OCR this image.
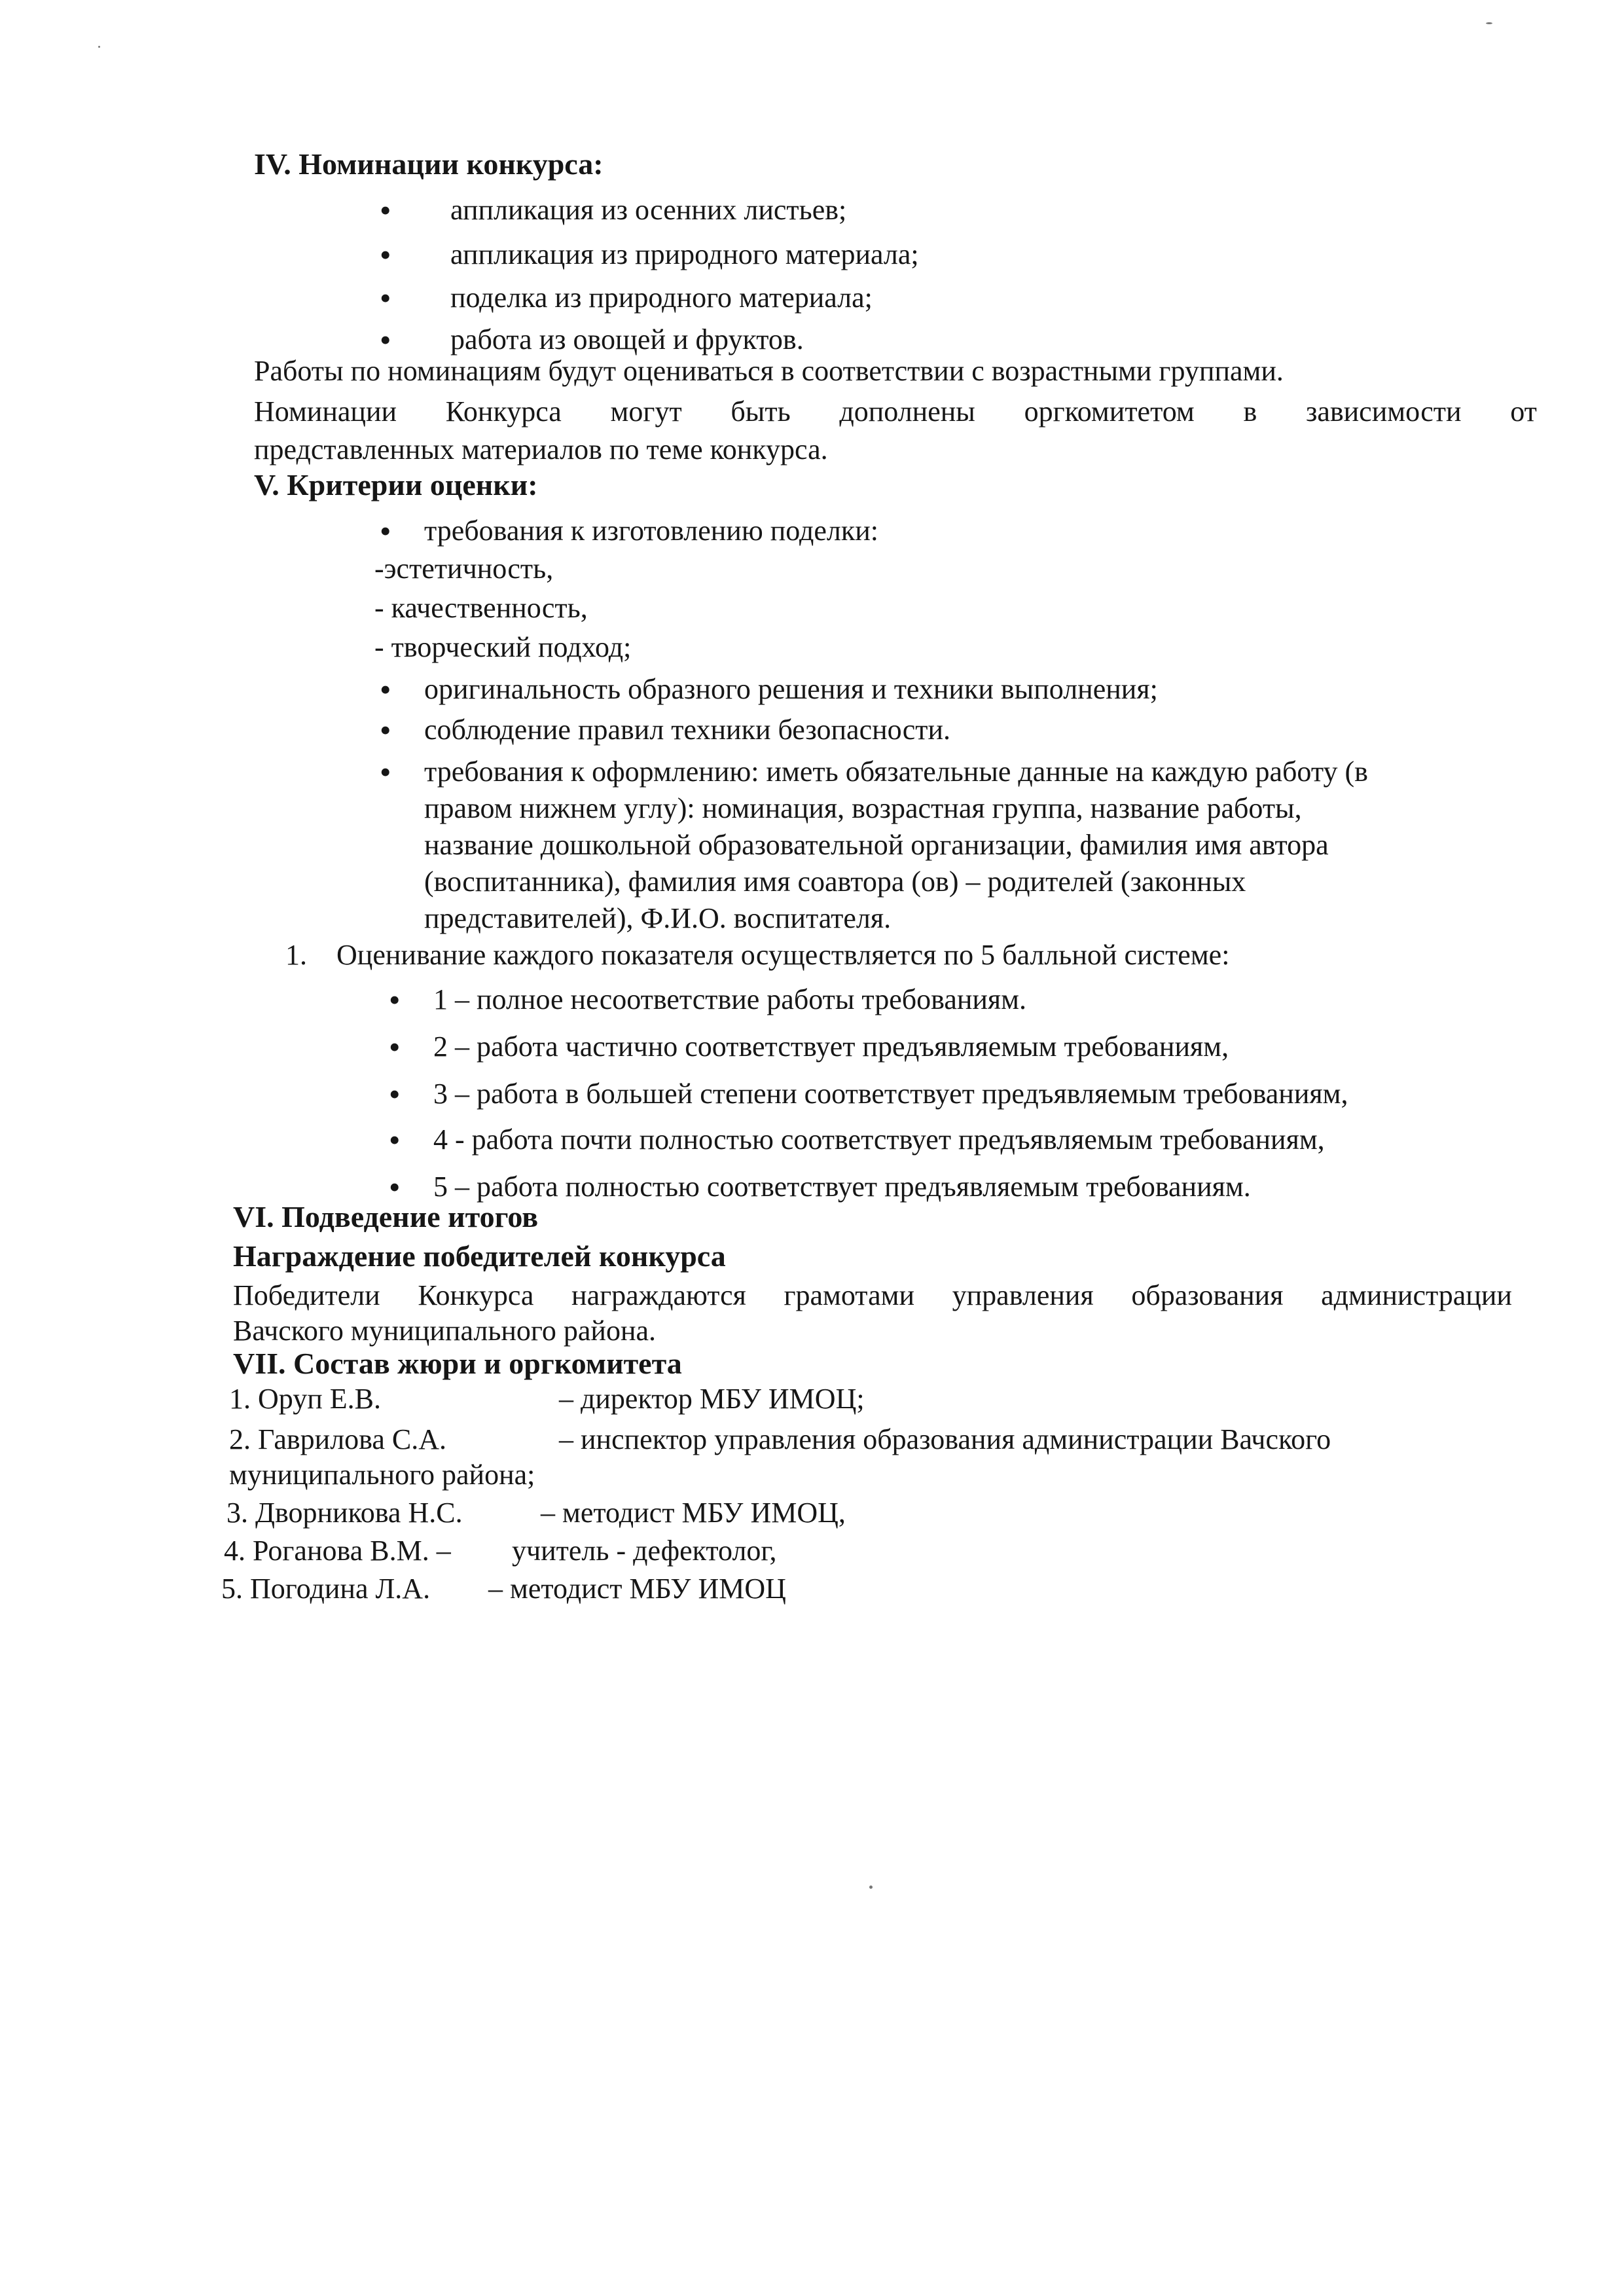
IV. Номинации конкурса:
• аппликация из осенних листьев;
• аппликация из природного материала;
• поделка из природного материала;
• работа из овощей и фруктов.
Работы по номинациям будут оцениваться в соответствии с возрастными группами.
Номинации Конкурса могут быть дополнены оргкомитетом в зависимости от
представленных материалов по теме конкурса.
V. Критерии оценки:
• требования к изготовлению поделки:
-эстетичность,
- качественность,
- творческий подход;
• оригинальность образного решения и техники выполнения;
• соблюдение правил техники безопасности.
• требования к оформлению: иметь обязательные данные на каждую работу (в
правом нижнем углу): номинация, возрастная группа, название работы,
название дошкольной образовательной организации, фамилия имя автора
(воспитанника), фамилия имя соавтора (ов) – родителей (законных
представителей), Ф.И.О. воспитателя.
1. Оценивание каждого показателя осуществляется по 5 балльной системе:
• 1 – полное несоответствие работы требованиям.
• 2 – работа частично соответствует предъявляемым требованиям,
• 3 – работа в большей степени соответствует предъявляемым требованиям,
• 4 - работа почти полностью соответствует предъявляемым требованиям,
• 5 – работа полностью соответствует предъявляемым требованиям.
VI. Подведение итогов
Награждение победителей конкурса
Победители Конкурса награждаются грамотами управления образования администрации
Вачского муниципального района.
VII. Состав жюри и оргкомитета
1. Оруп Е.В.	– директор МБУ ИМОЦ;
2. Гаврилова С.А.	– инспектор управления образования администрации Вачского
муниципального района;
3. Дворникова Н.С.	– методист МБУ ИМОЦ,
4. Роганова В.М. – учитель - дефектолог,
5. Погодина Л.А. – методист МБУ ИМОЦ
